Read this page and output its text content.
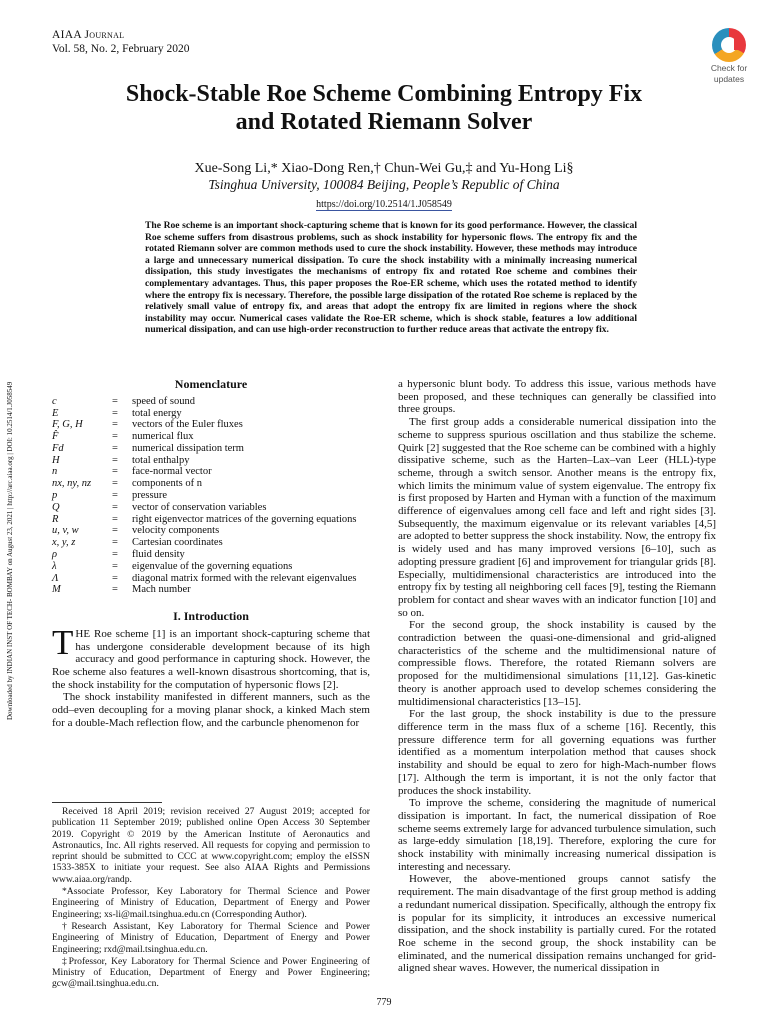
AIAA Journal
Vol. 58, No. 2, February 2020
Check for
updates
Shock-Stable Roe Scheme Combining Entropy Fix
and Rotated Riemann Solver
Xue-Song Li,* Xiao-Dong Ren,† Chun-Wei Gu,‡ and Yu-Hong Li§
Tsinghua University, 100084 Beijing, People’s Republic of China
https://doi.org/10.2514/1.J058549
The Roe scheme is an important shock-capturing scheme that is known for its good performance. However, the classical Roe scheme suffers from disastrous problems, such as shock instability for hypersonic flows. The entropy fix and the rotated Riemann solver are common methods used to cure the shock instability. However, these methods may introduce a large and unnecessary numerical dissipation. To cure the shock instability with a minimally increasing numerical dissipation, this study investigates the mechanisms of entropy fix and rotated Roe scheme and combines their complementary advantages. Thus, this paper proposes the Roe-ER scheme, which uses the rotated method to identify where the entropy fix is necessary. Therefore, the possible large dissipation of the rotated Roe scheme is replaced by the relatively small value of entropy fix, and areas that adopt the entropy fix are limited in regions where the shock instability may occur. Numerical cases validate the Roe-ER scheme, which is shock stable, features a low additional numerical dissipation, and can use high-order reconstruction to further reduce areas that activate the entropy fix.
Downloaded by INDIAN INST OF TECH- BOMBAY on August 23, 2021 | http://arc.aiaa.org | DOI: 10.2514/1.J058549	Nomenclature
c	=	speed of sound
E	=	total energy
F, G, H	=	vectors of the Euler fluxes
F̂	=	numerical flux
Fd	=	numerical dissipation term
H	=	total enthalpy
n	=	face-normal vector
nx, ny, nz	=	components of n
p	=	pressure
Q	=	vector of conservation variables
R	=	right eigenvector matrices of the governing equations
u, v, w	=	velocity components
x, y, z	=	Cartesian coordinates
ρ	=	fluid density
λ	=	eigenvalue of the governing equations
Λ	=	diagonal matrix formed with the relevant eigenvalues
M	=	Mach number
I. Introduction

THE Roe scheme [1] is an important shock-capturing scheme that has undergone considerable development because of its high accuracy and good performance in capturing shock. However, the Roe scheme also features a well-known disastrous shortcoming, that is, the shock instability for the computation of hypersonic flows [2].

The shock instability manifested in different manners, such as the odd–even decoupling for a moving planar shock, a kinked Mach stem for a double-Mach reflection flow, and the carbuncle phenomenon for

a hypersonic blunt body. To address this issue, various methods have been proposed, and these techniques can generally be classified into three groups.

The first group adds a considerable numerical dissipation into the scheme to suppress spurious oscillation and thus stabilize the scheme. Quirk [2] suggested that the Roe scheme can be combined with a highly dissipative scheme, such as the Harten–Lax–van Leer (HLL)-type scheme, through a switch sensor. Another means is the entropy fix, which limits the minimum value of system eigenvalue. The entropy fix is first proposed by Harten and Hyman with a function of the maximum difference of eigenvalues among cell face and left and right sides [3]. Subsequently, the maximum eigenvalue or its relevant variables [4,5] are adopted to better suppress the shock instability. Now, the entropy fix is widely used and has many improved versions [6–10], such as adopting pressure gradient [6] and improvement for triangular grids [8]. Especially, multidimensional characteristics are introduced into the entropy fix by testing all neighboring cell faces [9], testing the Riemann problem for contact and shear waves with an indicator function [10] and so on.

For the second group, the shock instability is caused by the contradiction between the quasi-one-dimensional and grid-aligned characteristics of the scheme and the multidimensional nature of compressible flows. Therefore, the rotated Riemann solvers are proposed for the multidimensional simulations [11,12]. Gas-kinetic theory is another approach used to develop schemes considering the multidimensional characteristics [13–15].

For the last group, the shock instability is due to the pressure difference term in the mass flux of a scheme [16]. Recently, this pressure difference term for all governing equations was further identified as a momentum interpolation method that causes shock instability and should be equal to zero for high-Mach-number flows [17]. Although the term is important, it is not the only factor that produces the shock instability.

To improve the scheme, considering the magnitude of numerical dissipation is important. In fact, the numerical dissipation of Roe scheme seems extremely large for advanced turbulence simulation, such as large-eddy simulation [18,19]. Therefore, exploring the cure for shock instability with minimally increasing numerical dissipation is interesting and necessary.

However, the above-mentioned groups cannot satisfy the requirement. The main disadvantage of the first group method is adding a redundant numerical dissipation. Specifically, although the entropy fix is popular for its simplicity, it introduces an excessive numerical dissipation, and the shock instability is partially cured. For the rotated Roe scheme in the second group, the shock instability can be eliminated, and the numerical dissipation remains unchanged for grid-aligned shear waves. However, the numerical dissipation in

Received 18 April 2019; revision received 27 August 2019; accepted for publication 11 September 2019; published online Open Access 30 September 2019. Copyright © 2019 by the American Institute of Aeronautics and Astronautics, Inc. All rights reserved. All requests for copying and permission to reprint should be submitted to CCC at www.copyright.com; employ the eISSN 1533-385X to initiate your request. See also AIAA Rights and Permissions www.aiaa.org/randp.

*Associate Professor, Key Laboratory for Thermal Science and Power Engineering of Ministry of Education, Department of Energy and Power Engineering; xs-li@mail.tsinghua.edu.cn (Corresponding Author).

†Research Assistant, Key Laboratory for Thermal Science and Power Engineering of Ministry of Education, Department of Energy and Power Engineering; rxd@mail.tsinghua.edu.cn.

‡Professor, Key Laboratory for Thermal Science and Power Engineering of Ministry of Education, Department of Energy and Power Engineering; gcw@mail.tsinghua.edu.cn.

779
